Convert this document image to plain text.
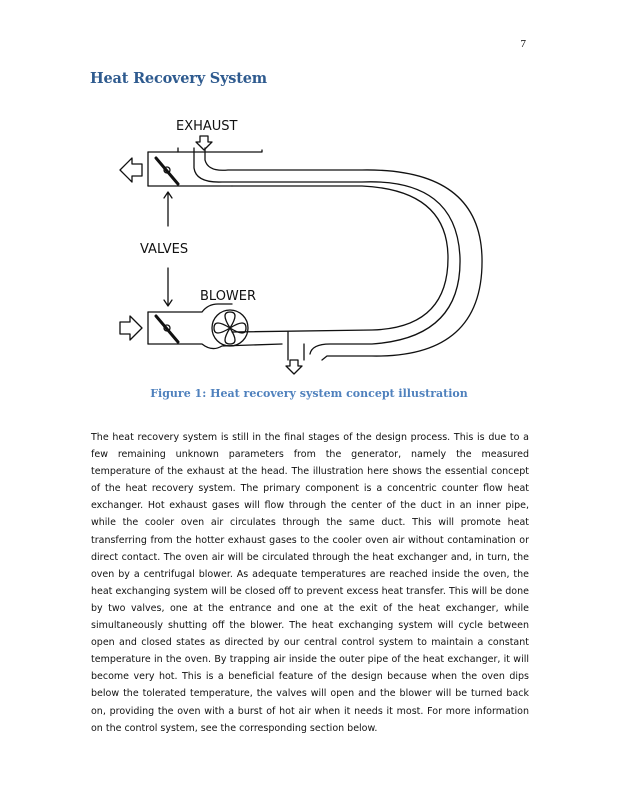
7
Heat Recovery System
EXHAUST
VALVES
BLOWER

Figure 1: Heat recovery system concept illustration

The heat recovery system is still in the final stages of the design process. This is due to a few remaining unknown parameters from the generator, namely the measured temperature of the exhaust at the head. The illustration here shows the essential concept of the heat recovery system. The primary component is a concentric counter flow heat exchanger. Hot exhaust gases will flow through the center of the duct in an inner pipe, while the cooler oven air circulates through the same duct. This will promote heat transferring from the hotter exhaust gases to the cooler oven air without contamination or direct contact. The oven air will be circulated through the heat exchanger and, in turn, the oven by a centrifugal blower. As adequate temperatures are reached inside the oven, the heat exchanging system will be closed off to prevent excess heat transfer. This will be done by two valves, one at the entrance and one at the exit of the heat exchanger, while simultaneously shutting off the blower. The heat exchanging system will cycle between open and closed states as directed by our central control system to maintain a constant temperature in the oven. By trapping air inside the outer pipe of the heat exchanger, it will become very hot. This is a beneficial feature of the design because when the oven dips below the tolerated temperature, the valves will open and the blower will be turned back on, providing the oven with a burst of hot air when it needs it most. For more information on the control system, see the corresponding section below.
